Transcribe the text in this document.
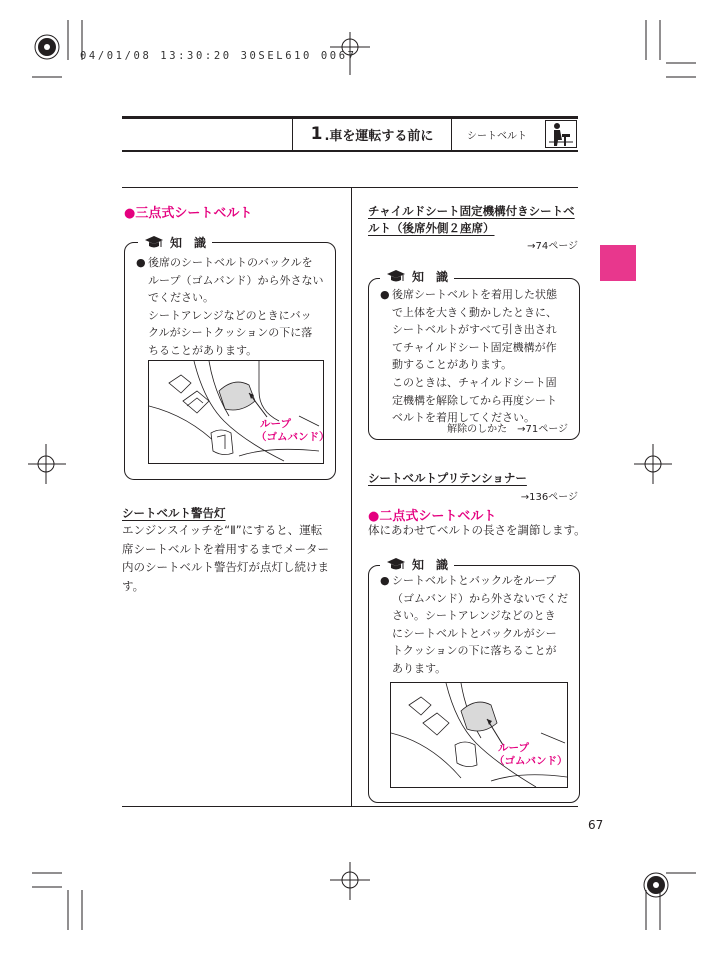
04/01/08 13:30:20 30SEL610 0067
1 .車を運転する前に	シートベルト
●三点式シートベルト
知　識
● 後席のシートベルトのバックルを
ループ（ゴムバンド）から外さない
でください。
シートアレンジなどのときにバッ
クルがシートクッションの下に落
ちることがあります。
ループ
（ゴムバンド）
シートベルト警告灯
エンジンスイッチを“Ⅱ”にすると、運転
席シートベルトを着用するまでメーター
内のシートベルト警告灯が点灯し続けま
す。
チャイルドシート固定機構付きシートベ
ルト（後席外側２座席）
→74ページ
知　識
● 後席シートベルトを着用した状態
で上体を大きく動かしたときに、
シートベルトがすべて引き出され
てチャイルドシート固定機構が作
動することがあります。
このときは、チャイルドシート固
定機構を解除してから再度シート
ベルトを着用してください。
解除のしかた　→71ページ
シートベルトプリテンショナー
→136ページ
●二点式シートベルト
体にあわせてベルトの長さを調節します。
知　識
● シートベルトとバックルをループ
（ゴムバンド）から外さないでくだ
さい。シートアレンジなどのとき
にシートベルトとバックルがシー
トクッションの下に落ちることが
あります。
ループ
（ゴムバンド）
67
